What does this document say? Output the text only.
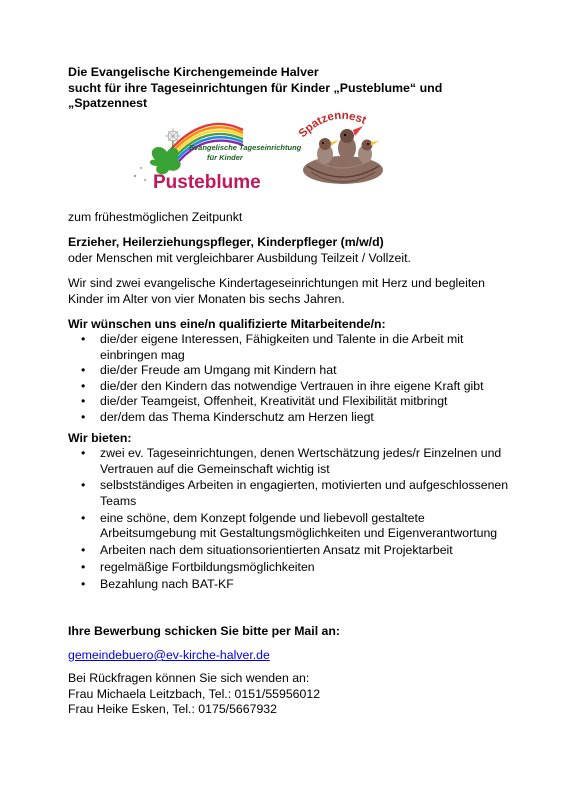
Die Evangelische Kirchengemeinde Halver
sucht für ihre Tageseinrichtungen für Kinder „Pusteblume“ und
„Spatzennest
Evangelische Tageseinrichtung
für Kinder
Pusteblume
Spatzennest
zum frühestmöglichen Zeitpunkt
Erzieher, Heilerziehungspfleger, Kinderpfleger (m/w/d)
oder Menschen mit vergleichbarer Ausbildung Teilzeit / Vollzeit.
Wir sind zwei evangelische Kindertageseinrichtungen mit Herz und begleiten
Kinder im Alter von vier Monaten bis sechs Jahren.
Wir wünschen uns eine/n qualifizierte Mitarbeitende/n:
• die/der eigene Interessen, Fähigkeiten und Talente in die Arbeit mit
einbringen mag
• die/der Freude am Umgang mit Kindern hat
• die/der den Kindern das notwendige Vertrauen in ihre eigene Kraft gibt
• die/der Teamgeist, Offenheit, Kreativität und Flexibilität mitbringt
• der/dem das Thema Kinderschutz am Herzen liegt
Wir bieten:
• zwei ev. Tageseinrichtungen, denen Wertschätzung jedes/r Einzelnen und
Vertrauen auf die Gemeinschaft wichtig ist
• selbstständiges Arbeiten in engagierten, motivierten und aufgeschlossenen
Teams
• eine schöne, dem Konzept folgende und liebevoll gestaltete
Arbeitsumgebung mit Gestaltungsmöglichkeiten und Eigenverantwortung
• Arbeiten nach dem situationsorientierten Ansatz mit Projektarbeit
• regelmäßige Fortbildungsmöglichkeiten
• Bezahlung nach BAT-KF
Ihre Bewerbung schicken Sie bitte per Mail an:
gemeindebuero@ev-kirche-halver.de
Bei Rückfragen können Sie sich wenden an:
Frau Michaela Leitzbach, Tel.: 0151/55956012
Frau Heike Esken, Tel.: 0175/5667932
